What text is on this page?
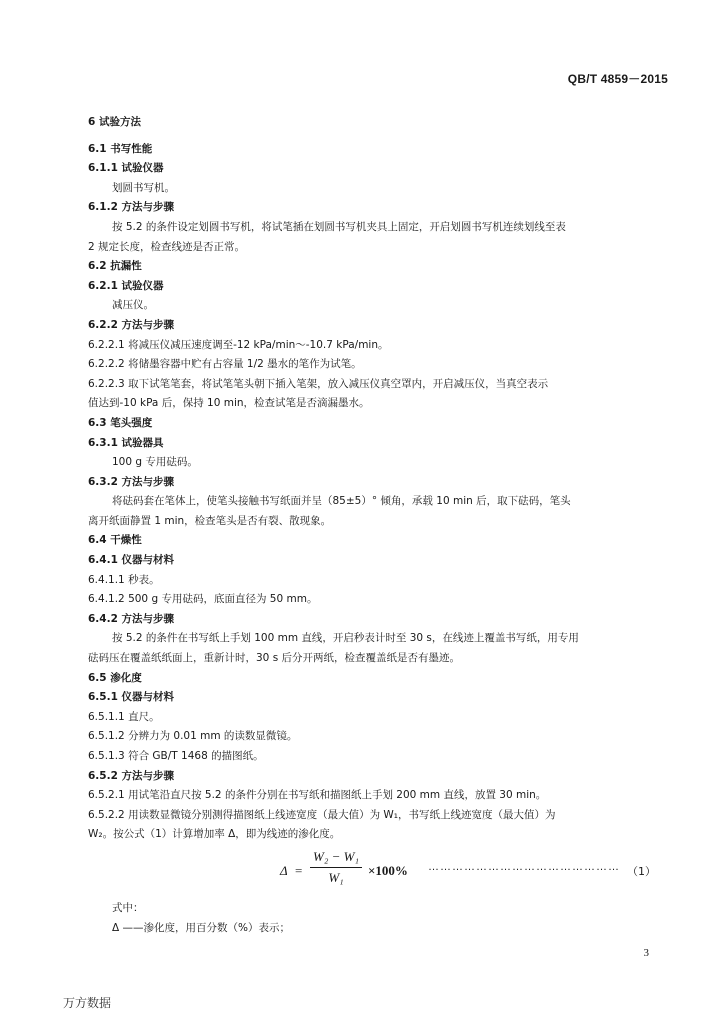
QB/T 4859－2015
6 试验方法
6.1 书写性能
6.1.1 试验仪器
划圆书写机。
6.1.2 方法与步骤
按 5.2 的条件设定划圆书写机，将试笔插在划圆书写机夹具上固定，开启划圆书写机连续划线至表
2 规定长度，检查线迹是否正常。
6.2 抗漏性
6.2.1 试验仪器
减压仪。
6.2.2 方法与步骤
6.2.2.1 将减压仪减压速度调至-12 kPa/min～-10.7 kPa/min。
6.2.2.2 将储墨容器中贮有占容量 1/2 墨水的笔作为试笔。
6.2.2.3 取下试笔笔套，将试笔笔头朝下插入笔架，放入减压仪真空罩内，开启减压仪，当真空表示
值达到-10 kPa 后，保持 10 min，检查试笔是否滴漏墨水。
6.3 笔头强度
6.3.1 试验器具
100 g 专用砝码。
6.3.2 方法与步骤
将砝码套在笔体上，使笔头接触书写纸面并呈（85±5）° 倾角，承载 10 min 后，取下砝码，笔头
离开纸面静置 1 min，检查笔头是否有裂、散现象。
6.4 干燥性
6.4.1 仪器与材料
6.4.1.1 秒表。
6.4.1.2 500 g 专用砝码，底面直径为 50 mm。
6.4.2 方法与步骤
按 5.2 的条件在书写纸上手划 100 mm 直线，开启秒表计时至 30 s，在线迹上覆盖书写纸，用专用
砝码压在覆盖纸纸面上，重新计时，30 s 后分开两纸，检查覆盖纸是否有墨迹。
6.5 渗化度
6.5.1 仪器与材料
6.5.1.1 直尺。
6.5.1.2 分辨力为 0.01 mm 的读数显微镜。
6.5.1.3 符合 GB/T 1468 的描图纸。
6.5.2 方法与步骤
6.5.2.1 用试笔沿直尺按 5.2 的条件分别在书写纸和描图纸上手划 200 mm 直线，放置 30 min。
6.5.2.2 用读数显微镜分别测得描图纸上线迹宽度（最大值）为 W₁，书写纸上线迹宽度（最大值）为
W₂。按公式（1）计算增加率 Δ，即为线迹的渗化度。
$\Delta = \frac{\text{W₂ − W₁}}{\text{W₁}} \times 100\%$ ………………………………………… （1）
式中：
Δ ——渗化度，用百分数（%）表示；
3
万方数据
